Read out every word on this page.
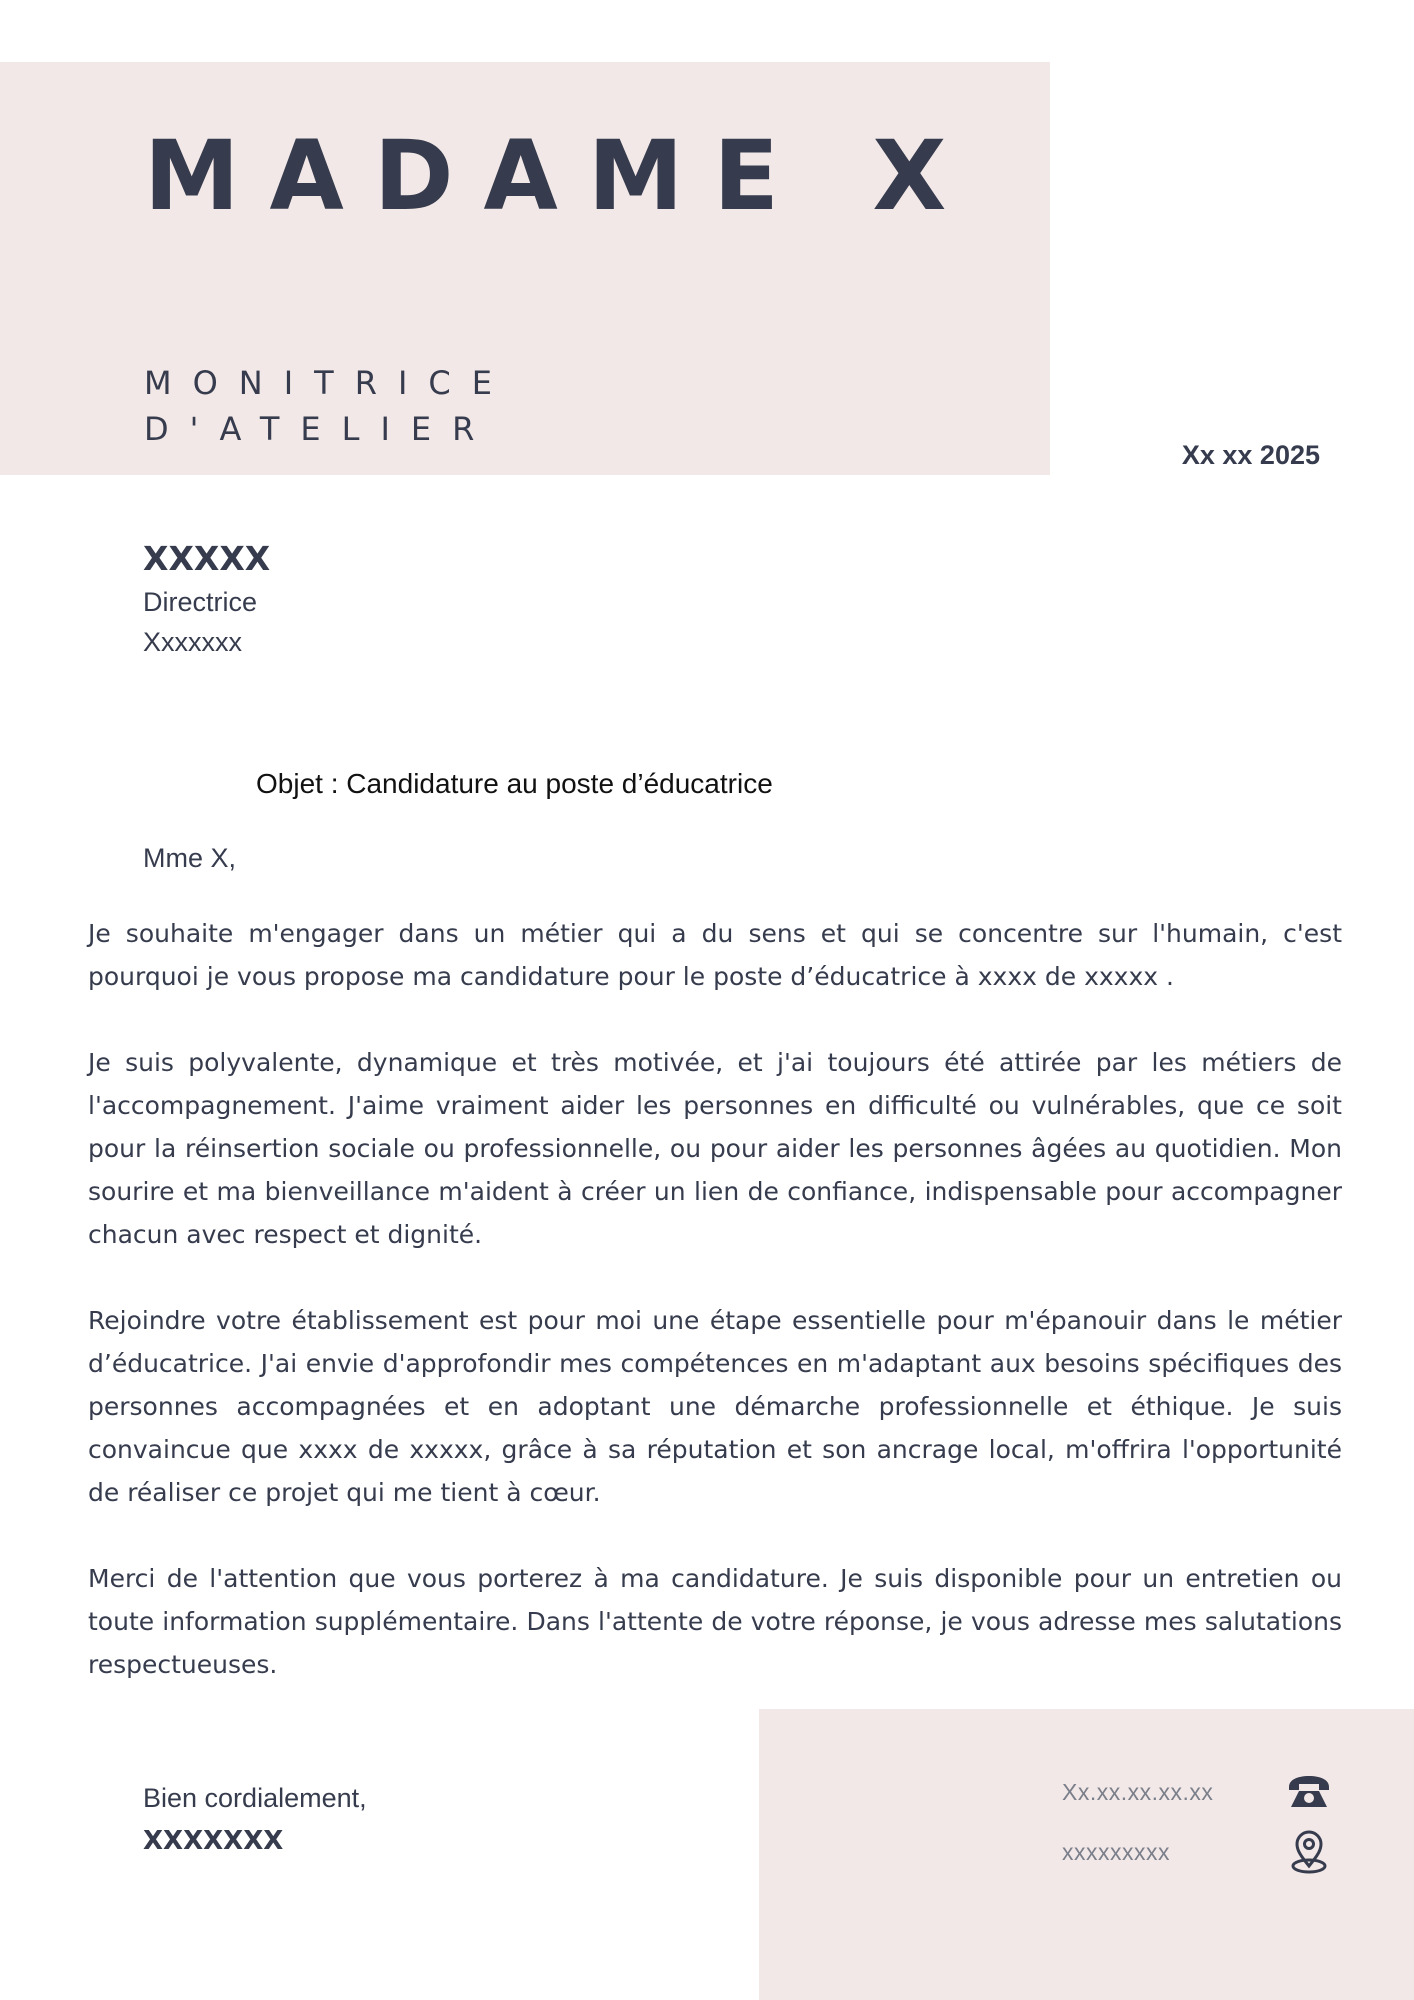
MADAME X
MONITRICE
D'ATELIER
Xx xx 2025
XXXXX
Directrice
Xxxxxxx
Objet : Candidature au poste d’éducatrice
Mme X,

Je souhaite m'engager dans un métier qui a du sens et qui se concentre sur l'humain, c'est pourquoi je vous propose ma candidature pour le poste d’éducatrice à xxxx de xxxxx .

Je suis polyvalente, dynamique et très motivée, et j'ai toujours été attirée par les métiers de l'accompagnement. J'aime vraiment aider les personnes en difficulté ou vulnérables, que ce soit pour la réinsertion sociale ou professionnelle, ou pour aider les personnes âgées au quotidien. Mon sourire et ma bienveillance m'aident à créer un lien de confiance, indispensable pour accompagner chacun avec respect et dignité.

Rejoindre votre établissement est pour moi une étape essentielle pour m'épanouir dans le métier d’éducatrice. J'ai envie d'approfondir mes compétences en m'adaptant aux besoins spécifiques des personnes accompagnées et en adoptant une démarche professionnelle et éthique. Je suis convaincue que xxxx de xxxxx, grâce à sa réputation et son ancrage local, m'offrira l'opportunité de réaliser ce projet qui me tient à cœur.

Merci de l'attention que vous porterez à ma candidature. Je suis disponible pour un entretien ou toute information supplémentaire. Dans l'attente de votre réponse, je vous adresse mes salutations respectueuses.

Bien cordialement,
XXXXXXX
Xx.xx.xx.xx.xx
xxxxxxxxx
